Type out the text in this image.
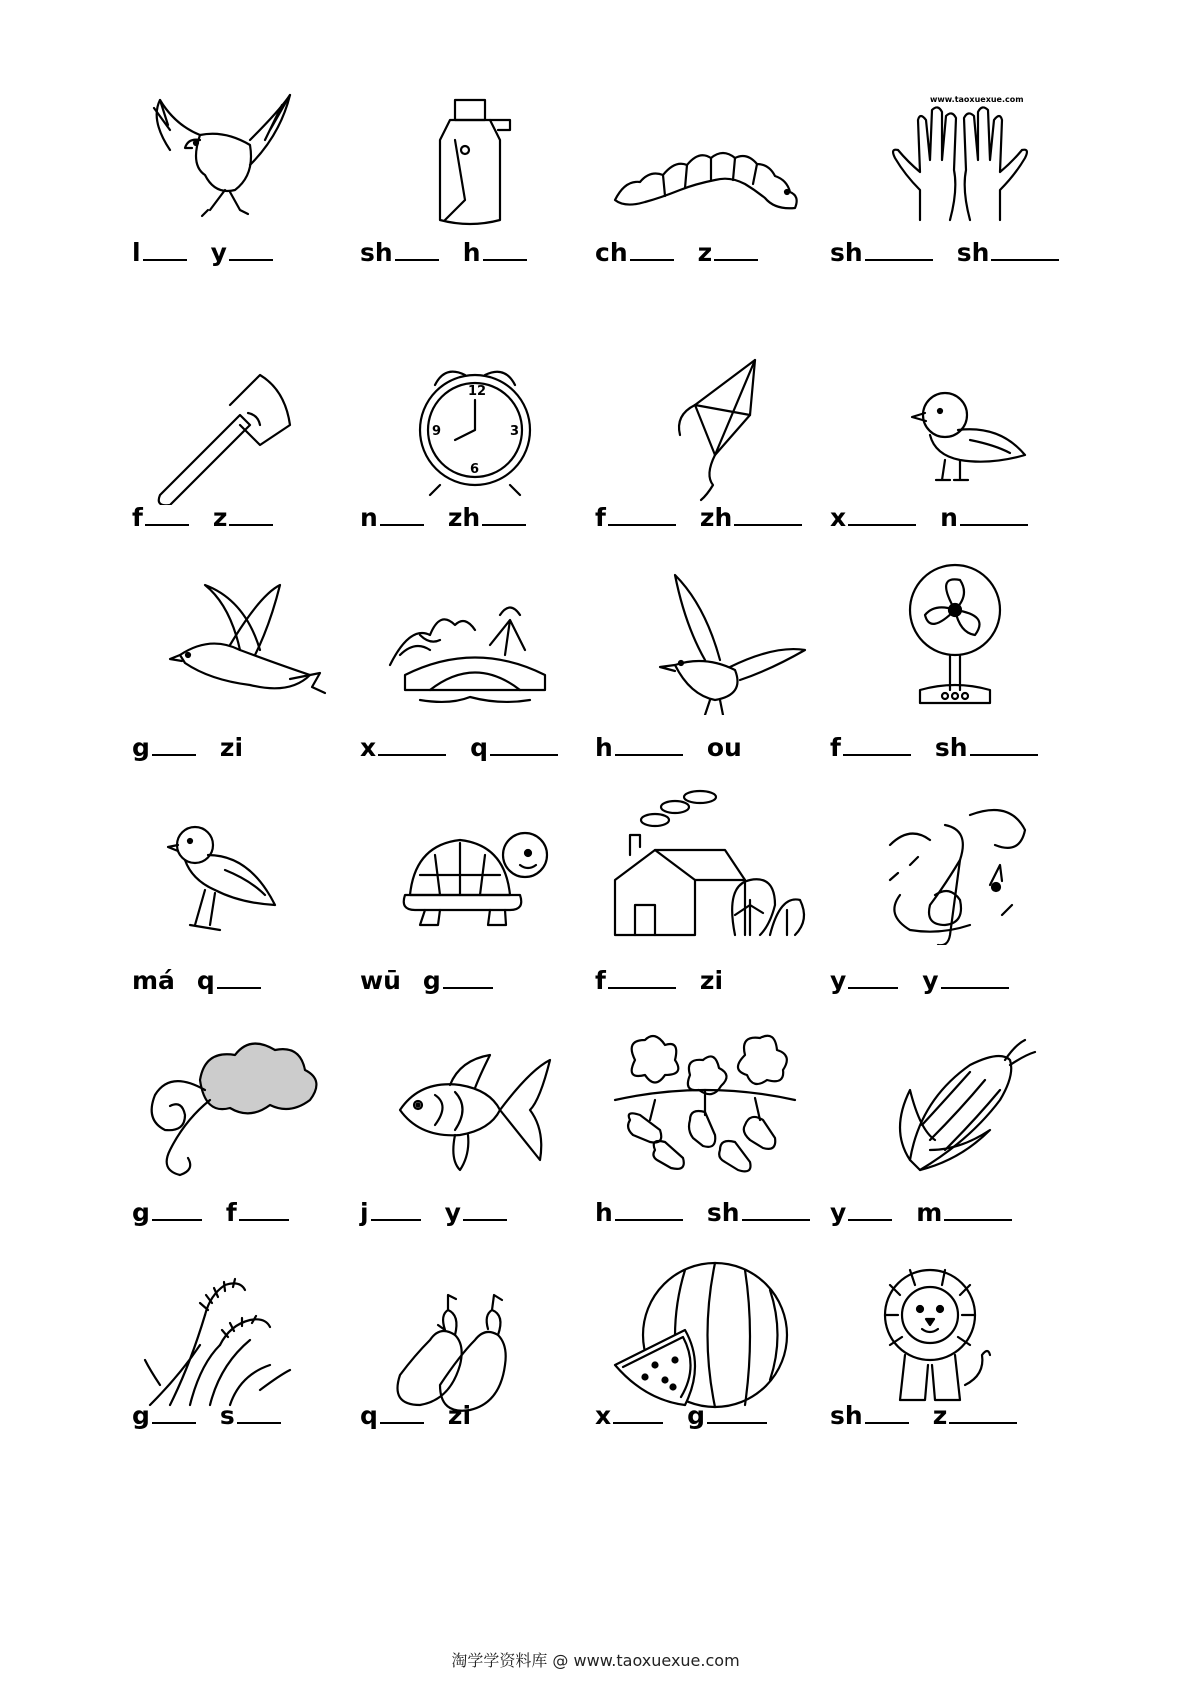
l	y	sh	h	ch	z
www.taoxuexue.com
sh	sh
f	z
12
3
6
9
n	zh	f	zh	x	n
g	zi	x	q	h	ou	f	sh
má q	wū g	f	zi	y	y
g	f	j	y	h	sh	y	m
g	s	q	zi	x	g	sh	z
淘学学资料库 @ www.taoxuexue.com
